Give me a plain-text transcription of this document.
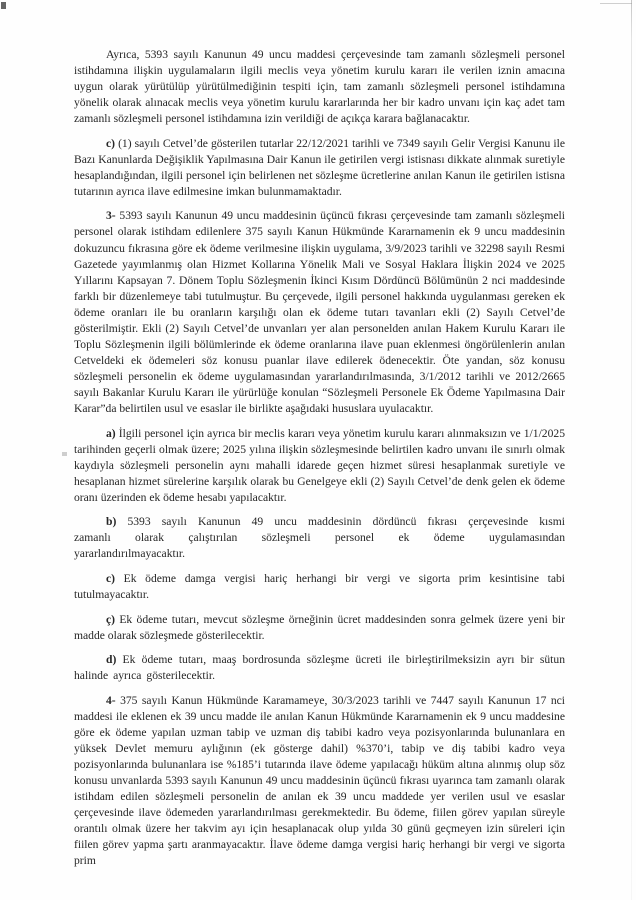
Ayrıca, 5393 sayılı Kanunun 49 uncu maddesi çerçevesinde tam zamanlı sözleşmeli personel istihdamına ilişkin uygulamaların ilgili meclis veya yönetim kurulu kararı ile verilen iznin amacına uygun olarak yürütülüp yürütülmediğinin tespiti için, tam zamanlı sözleşmeli personel istihdamına yönelik olarak alınacak meclis veya yönetim kurulu kararlarında her bir kadro unvanı için kaç adet tam zamanlı sözleşmeli personel istihdamına izin verildiği de açıkça karara bağlanacaktır.

c) (1) sayılı Cetvel’de gösterilen tutarlar 22/12/2021 tarihli ve 7349 sayılı Gelir Vergisi Kanunu ile Bazı Kanunlarda Değişiklik Yapılmasına Dair Kanun ile getirilen vergi istisnası dikkate alınmak suretiyle hesaplandığından, ilgili personel için belirlenen net sözleşme ücretlerine anılan Kanun ile getirilen istisna tutarının ayrıca ilave edilmesine imkan bulunmamaktadır.

3- 5393 sayılı Kanunun 49 uncu maddesinin üçüncü fıkrası çerçevesinde tam zamanlı sözleşmeli personel olarak istihdam edilenlere 375 sayılı Kanun Hükmünde Kararnamenin ek 9 uncu maddesinin dokuzuncu fıkrasına göre ek ödeme verilmesine ilişkin uygulama, 3/9/2023 tarihli ve 32298 sayılı Resmi Gazetede yayımlanmış olan Hizmet Kollarına Yönelik Mali ve Sosyal Haklara İlişkin 2024 ve 2025 Yıllarını Kapsayan 7. Dönem Toplu Sözleşmenin İkinci Kısım Dördüncü Bölümünün 2 nci maddesinde farklı bir düzenlemeye tabi tutulmuştur. Bu çerçevede, ilgili personel hakkında uygulanması gereken ek ödeme oranları ile bu oranların karşılığı olan ek ödeme tutarı tavanları ekli (2) Sayılı Cetvel’de gösterilmiştir. Ekli (2) Sayılı Cetvel’de unvanları yer alan personelden anılan Hakem Kurulu Kararı ile Toplu Sözleşmenin ilgili bölümlerinde ek ödeme oranlarına ilave puan eklenmesi öngörülenlerin anılan Cetveldeki ek ödemeleri söz konusu puanlar ilave edilerek ödenecektir. Öte yandan, söz konusu sözleşmeli personelin ek ödeme uygulamasından yararlandırılmasında, 3/1/2012 tarihli ve 2012/2665 sayılı Bakanlar Kurulu Kararı ile yürürlüğe konulan “Sözleşmeli Personele Ek Ödeme Yapılmasına Dair Karar”da belirtilen usul ve esaslar ile birlikte aşağıdaki hususlara uyulacaktır.

a) İlgili personel için ayrıca bir meclis kararı veya yönetim kurulu kararı alınmaksızın ve 1/1/2025 tarihinden geçerli olmak üzere; 2025 yılına ilişkin sözleşmesinde belirtilen kadro unvanı ile sınırlı olmak kaydıyla sözleşmeli personelin aynı mahalli idarede geçen hizmet süresi hesaplanmak suretiyle ve hesaplanan hizmet sürelerine karşılık olarak bu Genelgeye ekli (2) Sayılı Cetvel’de denk gelen ek ödeme oranı üzerinden ek ödeme hesabı yapılacaktır.

b) 5393 sayılı Kanunun 49 uncu maddesinin dördüncü fıkrası çerçevesinde kısmi zamanlı olarak çalıştırılan sözleşmeli personel ek ödeme uygulamasından yararlandırılmayacaktır.

c) Ek ödeme damga vergisi hariç herhangi bir vergi ve sigorta prim kesintisine tabi tutulmayacaktır.

ç) Ek ödeme tutarı, mevcut sözleşme örneğinin ücret maddesinden sonra gelmek üzere yeni bir madde olarak sözleşmede gösterilecektir.

d) Ek ödeme tutarı, maaş bordrosunda sözleşme ücreti ile birleştirilmeksizin ayrı bir sütun halinde ayrıca gösterilecektir.

4- 375 sayılı Kanun Hükmünde Karamameye, 30/3/2023 tarihli ve 7447 sayılı Kanunun 17 nci maddesi ile eklenen ek 39 uncu madde ile anılan Kanun Hükmünde Kararnamenin ek 9 uncu maddesine göre ek ödeme yapılan uzman tabip ve uzman diş tabibi kadro veya pozisyonlarında bulunanlara en yüksek Devlet memuru aylığının (ek gösterge dahil) %370’i, tabip ve diş tabibi kadro veya pozisyonlarında bulunanlara ise %185’i tutarında ilave ödeme yapılacağı hüküm altına alınmış olup söz konusu unvanlarda 5393 sayılı Kanunun 49 uncu maddesinin üçüncü fıkrası uyarınca tam zamanlı olarak istihdam edilen sözleşmeli personelin de anılan ek 39 uncu maddede yer verilen usul ve esaslar çerçevesinde ilave ödemeden yararlandırılması gerekmektedir. Bu ödeme, fiilen görev yapılan süreyle orantılı olmak üzere her takvim ayı için hesaplanacak olup yılda 30 günü geçmeyen izin süreleri için fiilen görev yapma şartı aranmayacaktır. İlave ödeme damga vergisi hariç herhangi bir vergi ve sigorta prim
